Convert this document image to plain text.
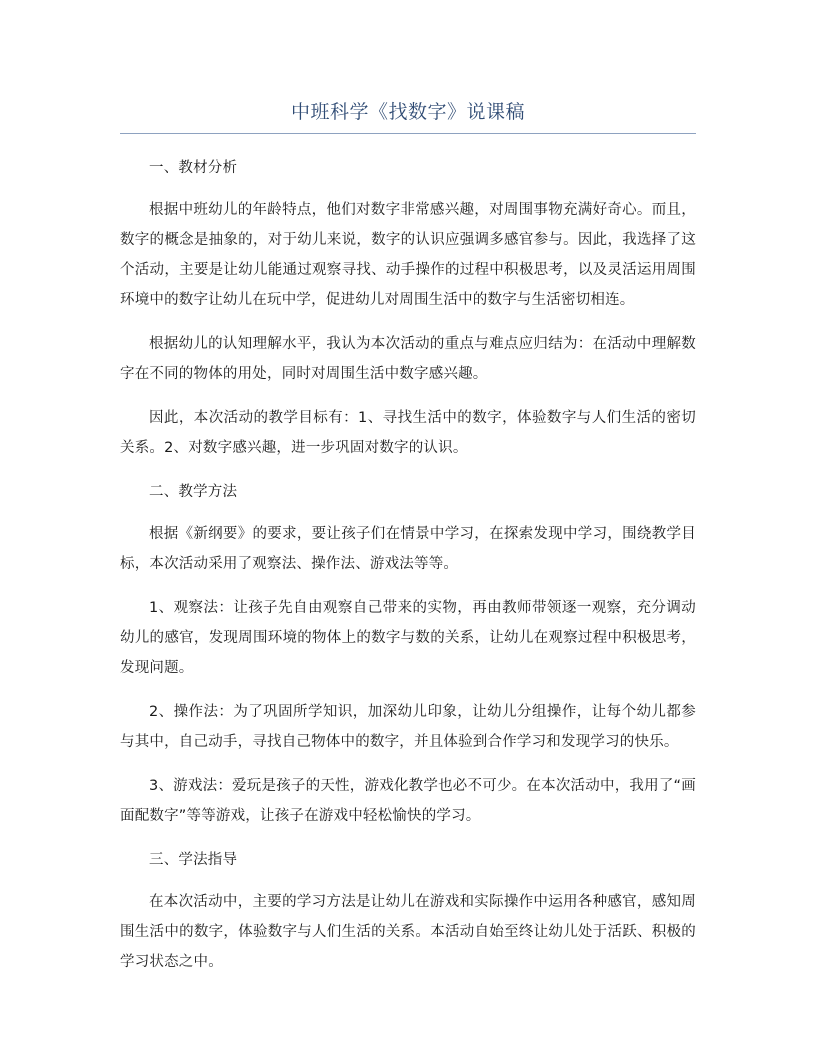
中班科学《找数字》说课稿

一、教材分析

根据中班幼儿的年龄特点，他们对数字非常感兴趣，对周围事物充满好奇心。而且，数字的概念是抽象的，对于幼儿来说，数字的认识应强调多感官参与。因此，我选择了这个活动，主要是让幼儿能通过观察寻找、动手操作的过程中积极思考，以及灵活运用周围环境中的数字让幼儿在玩中学，促进幼儿对周围生活中的数字与生活密切相连。

根据幼儿的认知理解水平，我认为本次活动的重点与难点应归结为：在活动中理解数字在不同的物体的用处，同时对周围生活中数字感兴趣。

因此，本次活动的教学目标有：1、寻找生活中的数字，体验数字与人们生活的密切关系。2、对数字感兴趣，进一步巩固对数字的认识。

二、教学方法

根据《新纲要》的要求，要让孩子们在情景中学习，在探索发现中学习，围绕教学目标，本次活动采用了观察法、操作法、游戏法等等。

1、观察法：让孩子先自由观察自己带来的实物，再由教师带领逐一观察，充分调动幼儿的感官，发现周围环境的物体上的数字与数的关系，让幼儿在观察过程中积极思考，发现问题。

2、操作法：为了巩固所学知识，加深幼儿印象，让幼儿分组操作，让每个幼儿都参与其中，自己动手，寻找自己物体中的数字，并且体验到合作学习和发现学习的快乐。

3、游戏法：爱玩是孩子的天性，游戏化教学也必不可少。在本次活动中，我用了“画面配数字”等等游戏，让孩子在游戏中轻松愉快的学习。

三、学法指导

在本次活动中，主要的学习方法是让幼儿在游戏和实际操作中运用各种感官，感知周围生活中的数字，体验数字与人们生活的关系。本活动自始至终让幼儿处于活跃、积极的学习状态之中。
